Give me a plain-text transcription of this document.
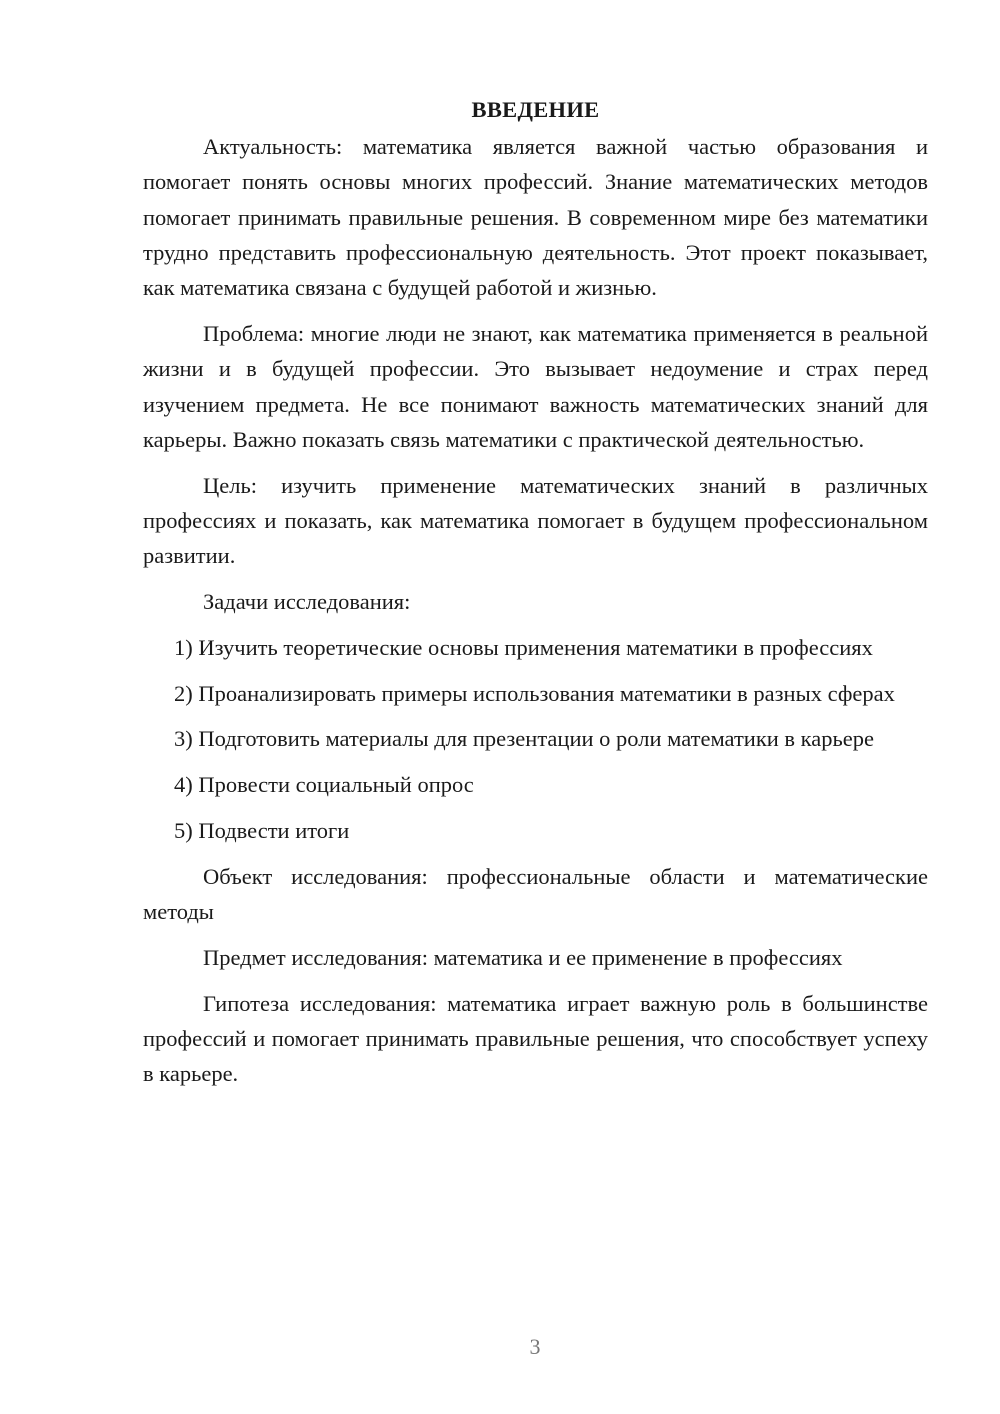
ВВЕДЕНИЕ

Актуальность: математика является важной частью образования и помогает понять основы многих профессий. Знание математических методов помогает принимать правильные решения. В современном мире без математики трудно представить профессиональную деятельность. Этот проект показывает, как математика связана с будущей работой и жизнью.

Проблема: многие люди не знают, как математика применяется в реальной жизни и в будущей профессии. Это вызывает недоумение и страх перед изучением предмета. Не все понимают важность математических знаний для карьеры. Важно показать связь математики с практической деятельностью.

Цель: изучить применение математических знаний в различных профессиях и показать, как математика помогает в будущем профессиональном развитии.

Задачи исследования:

1) Изучить теоретические основы применения математики в профессиях

2) Проанализировать примеры использования математики в разных сферах

3) Подготовить материалы для презентации о роли математики в карьере

4) Провести социальный опрос

5) Подвести итоги

Объект исследования: профессиональные области и математические методы

Предмет исследования: математика и ее применение в профессиях

Гипотеза исследования: математика играет важную роль в большинстве профессий и помогает принимать правильные решения, что способствует успеху в карьере.

3
